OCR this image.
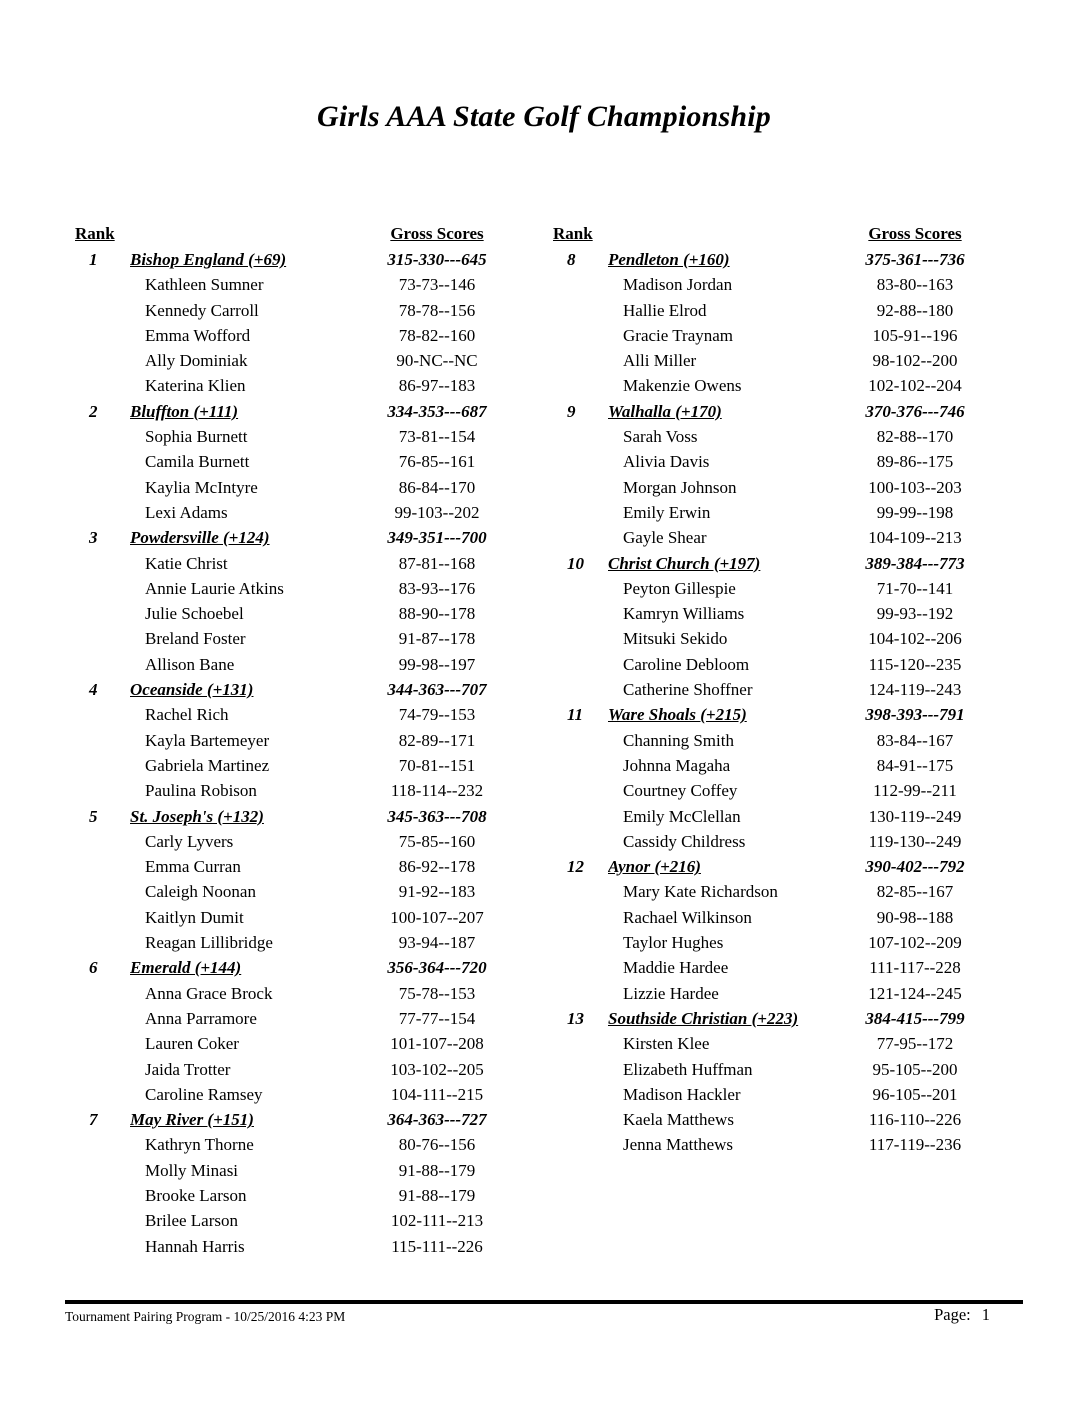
Girls AAA State Golf Championship
Rank	Gross Scores
1	Bishop England (+69)	315-330---645
Kathleen Sumner	73-73--146
Kennedy Carroll	78-78--156
Emma Wofford	78-82--160
Ally Dominiak	90-NC--NC
Katerina Klien	86-97--183
2	Bluffton (+111)	334-353---687
Sophia Burnett	73-81--154
Camila Burnett	76-85--161
Kaylia McIntyre	86-84--170
Lexi Adams	99-103--202
3	Powdersville (+124)	349-351---700
Katie Christ	87-81--168
Annie Laurie Atkins	83-93--176
Julie Schoebel	88-90--178
Breland Foster	91-87--178
Allison Bane	99-98--197
4	Oceanside (+131)	344-363---707
Rachel Rich	74-79--153
Kayla Bartemeyer	82-89--171
Gabriela Martinez	70-81--151
Paulina Robison	118-114--232
5	St. Joseph's (+132)	345-363---708
Carly Lyvers	75-85--160
Emma Curran	86-92--178
Caleigh Noonan	91-92--183
Kaitlyn Dumit	100-107--207
Reagan Lillibridge	93-94--187
6	Emerald (+144)	356-364---720
Anna Grace Brock	75-78--153
Anna Parramore	77-77--154
Lauren Coker	101-107--208
Jaida Trotter	103-102--205
Caroline Ramsey	104-111--215
7	May River (+151)	364-363---727
Kathryn Thorne	80-76--156
Molly Minasi	91-88--179
Brooke Larson	91-88--179
Brilee Larson	102-111--213
Hannah Harris	115-111--226
Rank	Gross Scores
8	Pendleton (+160)	375-361---736
Madison Jordan	83-80--163
Hallie Elrod	92-88--180
Gracie Traynam	105-91--196
Alli Miller	98-102--200
Makenzie Owens	102-102--204
9	Walhalla (+170)	370-376---746
Sarah Voss	82-88--170
Alivia Davis	89-86--175
Morgan Johnson	100-103--203
Emily Erwin	99-99--198
Gayle Shear	104-109--213
10	Christ Church (+197)	389-384---773
Peyton Gillespie	71-70--141
Kamryn Williams	99-93--192
Mitsuki Sekido	104-102--206
Caroline Debloom	115-120--235
Catherine Shoffner	124-119--243
11	Ware Shoals (+215)	398-393---791
Channing Smith	83-84--167
Johnna Magaha	84-91--175
Courtney Coffey	112-99--211
Emily McClellan	130-119--249
Cassidy Childress	119-130--249
12	Aynor (+216)	390-402---792
Mary Kate Richardson	82-85--167
Rachael Wilkinson	90-98--188
Taylor Hughes	107-102--209
Maddie Hardee	111-117--228
Lizzie Hardee	121-124--245
13	Southside Christian (+223)	384-415---799
Kirsten Klee	77-95--172
Elizabeth Huffman	95-105--200
Madison Hackler	96-105--201
Kaela Matthews	116-110--226
Jenna Matthews	117-119--236
Tournament Pairing Program - 10/25/2016 4:23 PM	Page: 1
